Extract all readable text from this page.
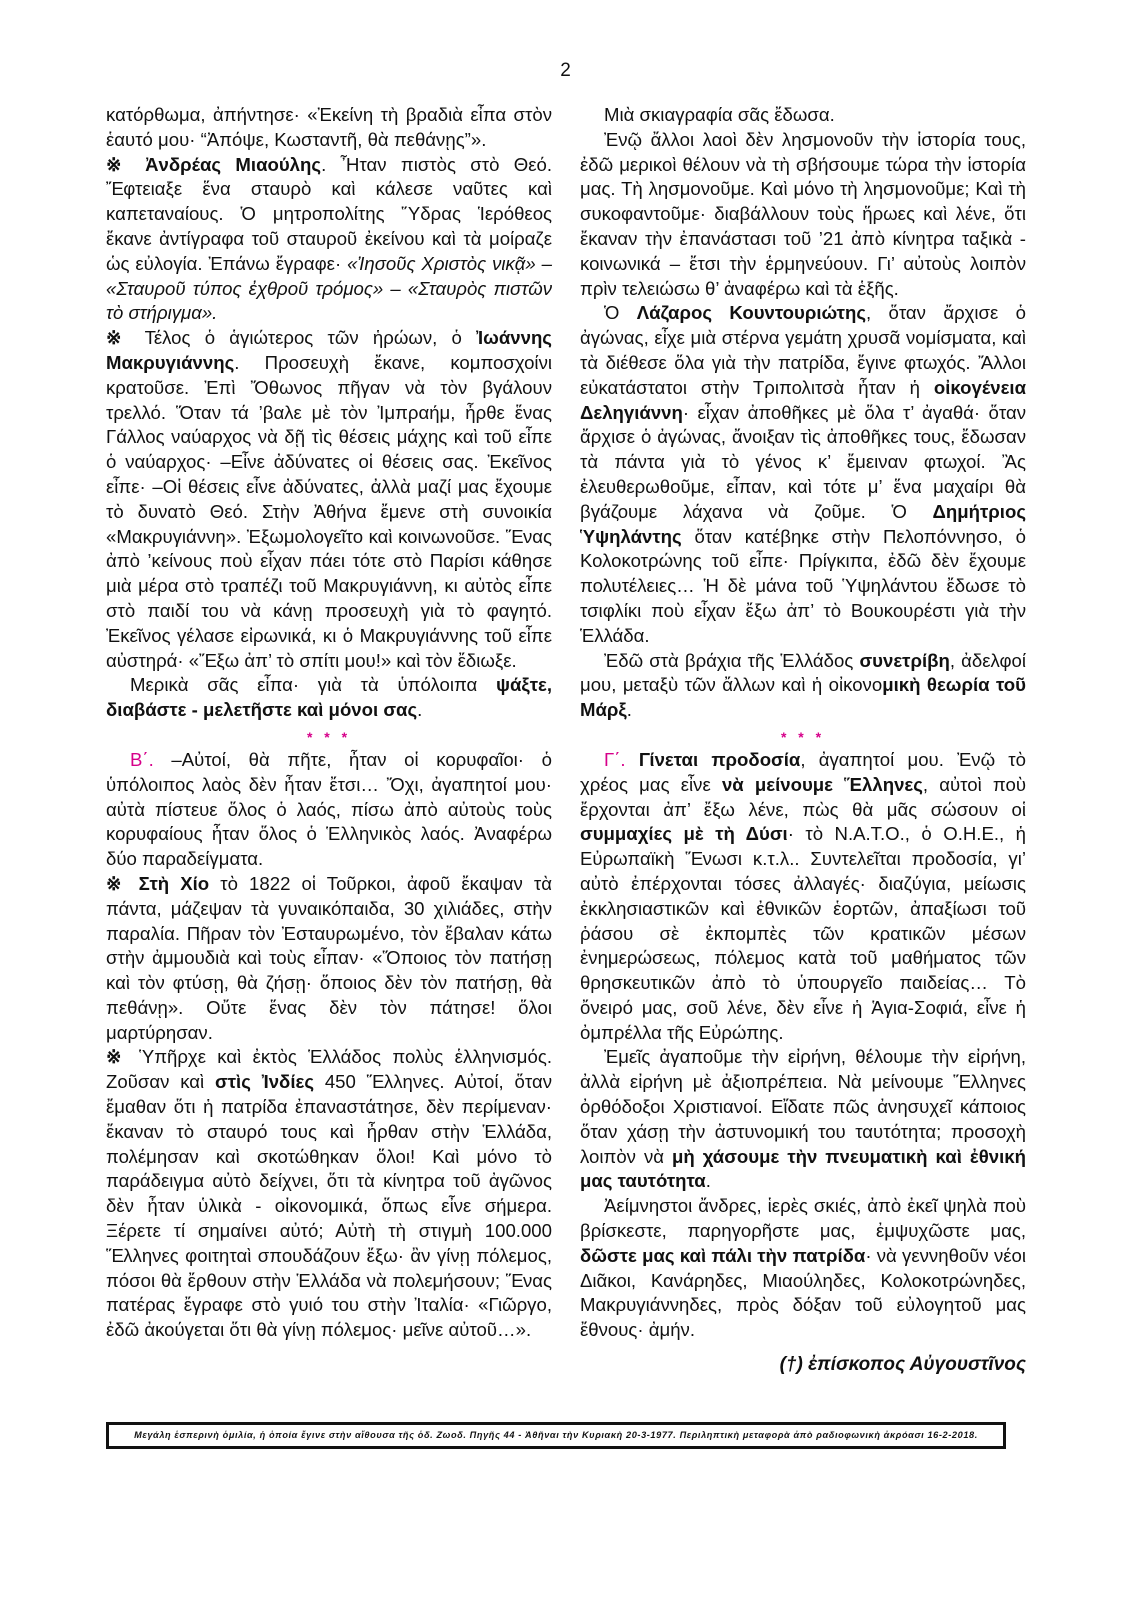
2

κατόρθωμα, ἀπήντησε· «Ἐκείνη τὴ βραδιὰ εἶπα στὸν ἑαυτό μου· “Ἀπόψε, Κωσταντῆ, θὰ πεθάνῃς”».

※ Ἀνδρέας Μιαούλης. Ἦταν πιστὸς στὸ Θεό. Ἔφτειαξε ἕνα σταυρὸ καὶ κάλεσε ναῦτες καὶ καπεταναίους. Ὁ μητροπολίτης Ὕδρας Ἱερόθεος ἔκανε ἀντίγραφα τοῦ σταυροῦ ἐκείνου καὶ τὰ μοίραζε ὡς εὐλογία. Ἐπάνω ἔγραφε· «Ἰησοῦς Χριστὸς νικᾷ» – «Σταυροῦ τύπος ἐχθροῦ τρόμος» – «Σταυρὸς πιστῶν τὸ στήριγμα».

※ Τέλος ὁ ἁγιώτερος τῶν ἡρώων, ὁ Ἰωάννης Μακρυγιάννης. Προσευχὴ ἔκανε, κομποσχοίνι κρατοῦσε. Ἐπὶ Ὄθωνος πῆγαν νὰ τὸν βγάλουν τρελλό. Ὅταν τά ’βαλε μὲ τὸν Ἰμπραήμ, ἦρθε ἕνας Γάλλος ναύαρχος νὰ δῇ τὶς θέσεις μάχης καὶ τοῦ εἶπε ὁ ναύαρχος· –Εἶνε ἀδύνατες οἱ θέσεις σας. Ἐκεῖνος εἶπε· –Οἱ θέσεις εἶνε ἀδύνατες, ἀλλὰ μαζί μας ἔχουμε τὸ δυνατὸ Θεό. Στὴν Ἀθήνα ἔμενε στὴ συνοικία «Μακρυγιάννη». Ἐξωμολογεῖτο καὶ κοινωνοῦσε. Ἕνας ἀπὸ ’κείνους ποὺ εἶχαν πάει τότε στὸ Παρίσι κάθησε μιὰ μέρα στὸ τραπέζι τοῦ Μακρυγιάννη, κι αὐτὸς εἶπε στὸ παιδί του νὰ κάνῃ προσευχὴ γιὰ τὸ φαγητό. Ἐκεῖνος γέλασε εἰρωνικά, κι ὁ Μακρυγιάννης τοῦ εἶπε αὐστηρά· «Ἔξω ἀπ’ τὸ σπίτι μου!» καὶ τὸν ἔδιωξε.

Μερικὰ σᾶς εἶπα· γιὰ τὰ ὑπόλοιπα ψάξτε, διαβάστε - μελετῆστε καὶ μόνοι σας.

* * *

Β΄. –Αὐτοί, θὰ πῆτε, ἦταν οἱ κορυφαῖοι· ὁ ὑπόλοιπος λαὸς δὲν ἦταν ἔτσι… Ὄχι, ἀγαπητοί μου· αὐτὰ πίστευε ὅλος ὁ λαός, πίσω ἀπὸ αὐτοὺς τοὺς κορυφαίους ἦταν ὅλος ὁ Ἑλληνικὸς λαός. Ἀναφέρω δύο παραδείγματα.

※ Στὴ Χίο τὸ 1822 οἱ Τοῦρκοι, ἀφοῦ ἔκαψαν τὰ πάντα, μάζεψαν τὰ γυναικόπαιδα, 30 χιλιάδες, στὴν παραλία. Πῆραν τὸν Ἐσταυρωμένο, τὸν ἔβαλαν κάτω στὴν ἀμμουδιὰ καὶ τοὺς εἶπαν· «Ὅποιος τὸν πατήσῃ καὶ τὸν φτύσῃ, θὰ ζήσῃ· ὅποιος δὲν τὸν πατήσῃ, θὰ πεθάνῃ». Οὔτε ἕνας δὲν τὸν πάτησε! ὅλοι μαρτύρησαν.

※ Ὑπῆρχε καὶ ἐκτὸς Ἑλλάδος πολὺς ἑλληνισμός. Ζοῦσαν καὶ στὶς Ἰνδίες 450 Ἕλληνες. Αὐτοί, ὅταν ἔμαθαν ὅτι ἡ πατρίδα ἐπαναστάτησε, δὲν περίμεναν· ἔκαναν τὸ σταυρό τους καὶ ἦρθαν στὴν Ἑλλάδα, πολέμησαν καὶ σκοτώθηκαν ὅλοι! Καὶ μόνο τὸ παράδειγμα αὐτὸ δείχνει, ὅτι τὰ κίνητρα τοῦ ἀγῶνος δὲν ἦταν ὑλικὰ - οἰκονομικά, ὅπως εἶνε σήμερα. Ξέρετε τί σημαίνει αὐτό; Αὐτὴ τὴ στιγμὴ 100.000 Ἕλληνες φοιτηταὶ σπουδάζουν ἔξω· ἂν γίνῃ πόλεμος, πόσοι θὰ ἔρθουν στὴν Ἑλλάδα νὰ πολεμήσουν; Ἕνας πατέρας ἔγραφε στὸ γυιό του στὴν Ἰταλία· «Γιῶργο, ἐδῶ ἀκούγεται ὅτι θὰ γίνῃ πόλεμος· μεῖνε αὐτοῦ…».

Μιὰ σκιαγραφία σᾶς ἔδωσα.

Ἐνῷ ἄλλοι λαοὶ δὲν λησμονοῦν τὴν ἱστορία τους, ἐδῶ μερικοὶ θέλουν νὰ τὴ σβήσουμε τώρα τὴν ἱστορία μας. Τὴ λησμονοῦμε. Καὶ μόνο τὴ λησμονοῦμε; Καὶ τὴ συκοφαντοῦμε· διαβάλλουν τοὺς ἥρωες καὶ λένε, ὅτι ἔκαναν τὴν ἐπανάστασι τοῦ ’21 ἀπὸ κίνητρα ταξικὰ - κοινωνικά – ἔτσι τὴν ἑρμηνεύουν. Γι’ αὐτοὺς λοιπὸν πρὶν τελειώσω θ’ ἀναφέρω καὶ τὰ ἑξῆς.

Ὁ Λάζαρος Κουντουριώτης, ὅταν ἄρχισε ὁ ἀγώνας, εἶχε μιὰ στέρνα γεμάτη χρυσᾶ νομίσματα, καὶ τὰ διέθεσε ὅλα γιὰ τὴν πατρίδα, ἔγινε φτωχός. Ἄλλοι εὐκατάστατοι στὴν Τριπολιτσὰ ἦταν ἡ οἰκογένεια Δεληγιάννη· εἶχαν ἀποθῆκες μὲ ὅλα τ’ ἀγαθά· ὅταν ἄρχισε ὁ ἀγώνας, ἄνοιξαν τὶς ἀποθῆκες τους, ἔδωσαν τὰ πάντα γιὰ τὸ γένος κ’ ἔμειναν φτωχοί. Ἂς ἐλευθερωθοῦμε, εἶπαν, καὶ τότε μ’ ἕνα μαχαίρι θὰ βγάζουμε λάχανα νὰ ζοῦμε. Ὁ Δημήτριος Ὑψηλάντης ὅταν κατέβηκε στὴν Πελοπόννησο, ὁ Κολοκοτρώνης τοῦ εἶπε· Πρίγκιπα, ἐδῶ δὲν ἔχουμε πολυτέλειες… Ἡ δὲ μάνα τοῦ Ὑψηλάντου ἔδωσε τὸ τσιφλίκι ποὺ εἶχαν ἔξω ἀπ’ τὸ Βουκουρέστι γιὰ τὴν Ἑλλάδα.

Ἐδῶ στὰ βράχια τῆς Ἑλλάδος συνετρίβη, ἀδελφοί μου, μεταξὺ τῶν ἄλλων καὶ ἡ οἰκονομικὴ θεωρία τοῦ Μάρξ.

* * *

Γ΄. Γίνεται προδοσία, ἀγαπητοί μου. Ἐνῷ τὸ χρέος μας εἶνε νὰ μείνουμε Ἕλληνες, αὐτοὶ ποὺ ἔρχονται ἀπ’ ἔξω λένε, πὼς θὰ μᾶς σώσουν οἱ συμμαχίες μὲ τὴ Δύσι· τὸ Ν.Α.Τ.Ο., ὁ Ο.Η.Ε., ἡ Εὐρωπαϊκὴ Ἕνωσι κ.τ.λ.. Συντελεῖται προδοσία, γι’ αὐτὸ ἐπέρχονται τόσες ἀλλαγές· διαζύγια, μείωσις ἐκκλησιαστικῶν καὶ ἐθνικῶν ἑορτῶν, ἀπαξίωσι τοῦ ῥάσου σὲ ἐκπομπὲς τῶν κρατικῶν μέσων ἐνημερώσεως, πόλεμος κατὰ τοῦ μαθήματος τῶν θρησκευτικῶν ἀπὸ τὸ ὑπουργεῖο παιδείας… Τὸ ὄνειρό μας, σοῦ λένε, δὲν εἶνε ἡ Ἁγια-Σοφιά, εἶνε ἡ ὀμπρέλλα τῆς Εὐρώπης.

Ἐμεῖς ἀγαποῦμε τὴν εἰρήνη, θέλουμε τὴν εἰρήνη, ἀλλὰ εἰρήνη μὲ ἀξιοπρέπεια. Νὰ μείνουμε Ἕλληνες ὀρθόδοξοι Χριστιανοί. Εἴδατε πῶς ἀνησυχεῖ κάποιος ὅταν χάσῃ τὴν ἀστυνομική του ταυτότητα; προσοχὴ λοιπὸν νὰ μὴ χάσουμε τὴν πνευματικὴ καὶ ἐθνική μας ταυτότητα.

Ἀείμνηστοι ἄνδρες, ἱερὲς σκιές, ἀπὸ ἐκεῖ ψηλὰ ποὺ βρίσκεστε, παρηγορῆστε μας, ἐμψυχῶστε μας, δῶστε μας καὶ πάλι τὴν πατρίδα· νὰ γεννηθοῦν νέοι Διᾶκοι, Κανάρηδες, Μιαούληδες, Κολοκοτρώνηδες, Μακρυγιάννηδες, πρὸς δόξαν τοῦ εὐλογητοῦ μας ἔθνους· ἀμήν.

(†) ἐπίσκοπος Αὐγουστῖνος
Μεγάλη ἑσπερινὴ ὁμιλία, ἡ ὁποία ἔγινε στὴν αἴθουσα τῆς ὁδ. Ζωοδ. Πηγῆς 44 - Ἀθῆναι τὴν Κυριακὴ 20-3-1977. Περιληπτικὴ μεταφορὰ ἀπὸ ραδιοφωνικὴ ἀκρόασι 16-2-2018.
